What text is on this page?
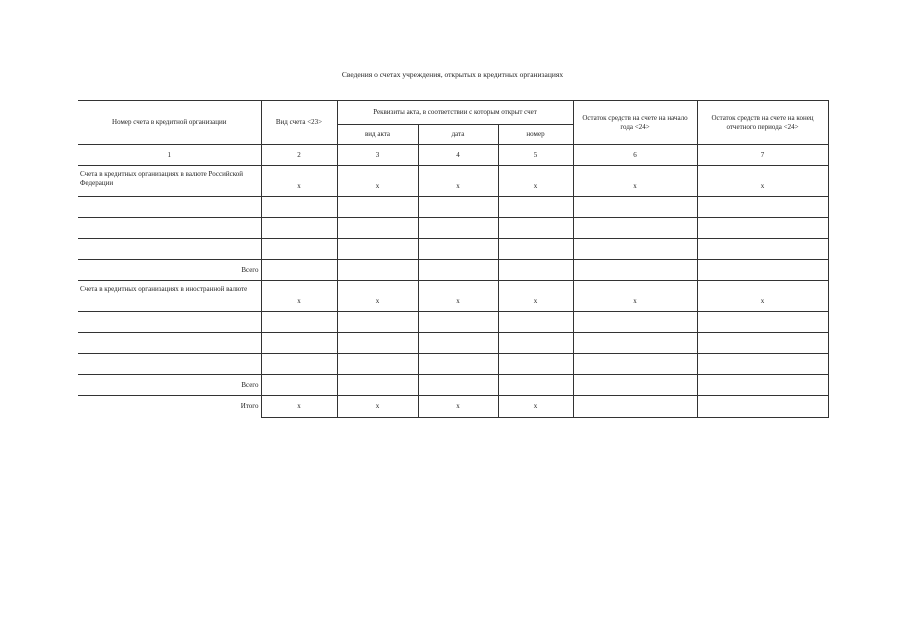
Сведения о счетах учреждения, открытых в кредитных организациях
Номер счета в кредитной организации	Вид счета <23>	Реквизиты акта, в соответствии с которым открыт счет			Остаток средств на счете на начало года <24>	Остаток средств на счете на конец отчетного периода <24>
		вид акта	дата	номер		
1	2	3	4	5	6	7
Счета в кредитных организациях в валюте Российской Федерации	x	x	x	x	x	x

Всего						
Счета в кредитных организациях в иностранной валюте	x	x	x	x	x	x

Всего						
Итого	x	x	x	x		
